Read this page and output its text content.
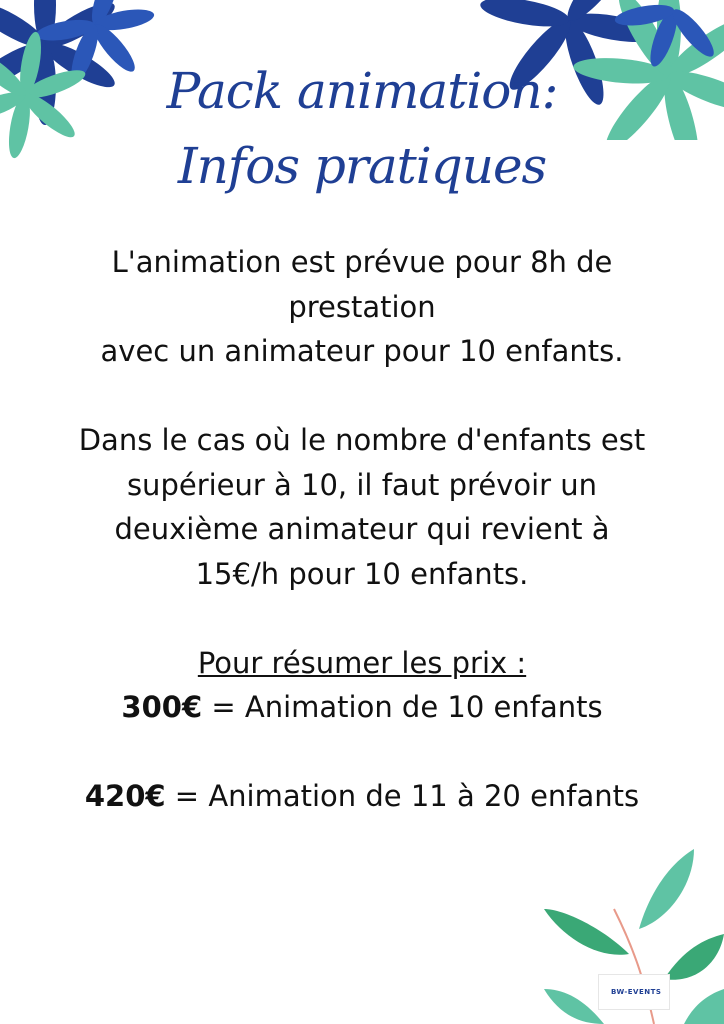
Pack animation:
Infos pratiques

L'animation est prévue pour 8h de

prestation

avec un animateur pour 10 enfants.

Dans le cas où le nombre d'enfants est

supérieur à 10, il faut prévoir un

deuxième animateur qui revient à

15€/h pour 10 enfants.

Pour résumer les prix :

300€ = Animation de 10 enfants

420€ = Animation de 11 à 20 enfants

BW-EVENTS
